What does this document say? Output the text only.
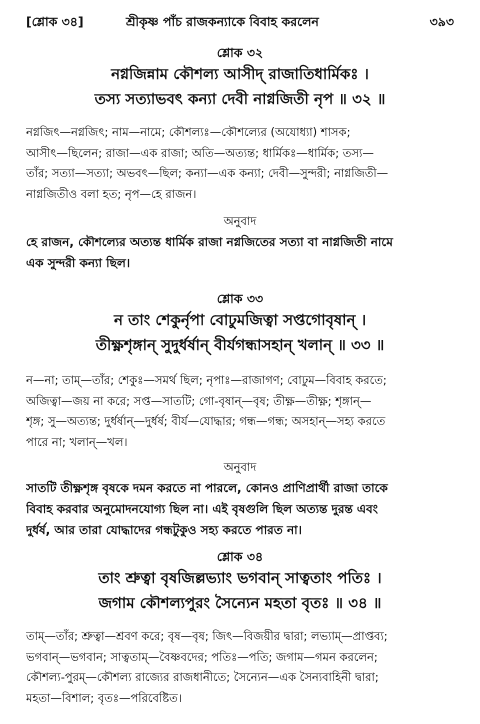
[শ্লোক ৩৪]	শ্রীকৃষ্ণ পাঁচ রাজকন্যাকে বিবাহ করলেন	৩৯৩
শ্লোক ৩২
নগ্নজিন্নাম কৌশল্য আসীদ্ রাজাতিধার্মিকঃ ।
তস্য সত্যাভবৎ কন্যা দেবী নাগ্নজিতী নৃপ ॥ ৩২ ॥
নগ্নজিৎ—নগ্নজিৎ; নাম—নামে; কৌশল্যঃ—কৌশল্যের (অযোধ্যা) শাসক;
আসীৎ—ছিলেন; রাজা—এক রাজা; অতি—অত্যন্ত; ধার্মিকঃ—ধার্মিক; তস্য—
তাঁর; সত্যা—সত্যা; অভবৎ—ছিল; কন্যা—এক কন্যা; দেবী—সুন্দরী; নাগ্নজিতী—
নাগ্নজিতীও বলা হত; নৃপ—হে রাজন।
অনুবাদ
হে রাজন, কৌশল্যের অত্যন্ত ধার্মিক রাজা নগ্নজিতের সত্যা বা নাগ্নজিতী নামে
এক সুন্দরী কন্যা ছিল।
শ্লোক ৩৩
ন তাং শেকুর্নৃপা বোঢুমজিত্বা সপ্তগোবৃষান্ ।
তীক্ষ্ণশৃঙ্গান্ সুদুর্ধর্ষান্ বীর্যগন্ধাসহান্ খলান্ ॥ ৩৩ ॥
ন—না; তাম্—তাঁর; শেকুঃ—সমর্থ ছিল; নৃপাঃ—রাজাগণ; বোঢুম—বিবাহ করতে;
অজিত্বা—জয় না করে; সপ্ত—সাতটি; গো-বৃষান্—বৃষ; তীক্ষ্ণ—তীক্ষ্ণ; শৃঙ্গান্—
শৃঙ্গ; সু—অত্যন্ত; দুর্ধর্ষান্—দুর্ধর্ষ; বীর্য—যোদ্ধার; গন্ধ—গন্ধ; অসহান্—সহ্য করতে
পারে না; খলান্—খল।
অনুবাদ
সাতটি তীক্ষ্ণশৃঙ্গ বৃষকে দমন করতে না পারলে, কোনও প্রাণিপ্রার্থী রাজা তাকে
বিবাহ করবার অনুমোদনযোগ্য ছিল না। এই বৃষগুলি ছিল অত্যন্ত দুরন্ত এবং
দুর্ধর্ষ, আর তারা যোদ্ধাদের গন্ধটুকুও সহ্য করতে পারত না।
শ্লোক ৩৪
তাং শ্রুত্বা বৃষজিল্লভ্যাং ভগবান্ সাত্বতাং পতিঃ ।
জগাম কৌশল্যপুরং সৈন্যেন মহতা বৃতঃ ॥ ৩৪ ॥
তাম্—তাঁর; শ্রুত্বা—শ্রবণ করে; বৃষ—বৃষ; জিৎ—বিজয়ীর দ্বারা; লভ্যাম্—প্রাপ্তব্য;
ভগবান্—ভগবান; সাত্বতাম্—বৈষ্ণবদের; পতিঃ—পতি; জগাম—গমন করলেন;
কৌশল্য-পুরম্—কৌশল্য রাজ্যের রাজধানীতে; সৈন্যেন—এক সৈন্যবাহিনী দ্বারা;
মহতা—বিশাল; বৃতঃ—পরিবেষ্টিত।
